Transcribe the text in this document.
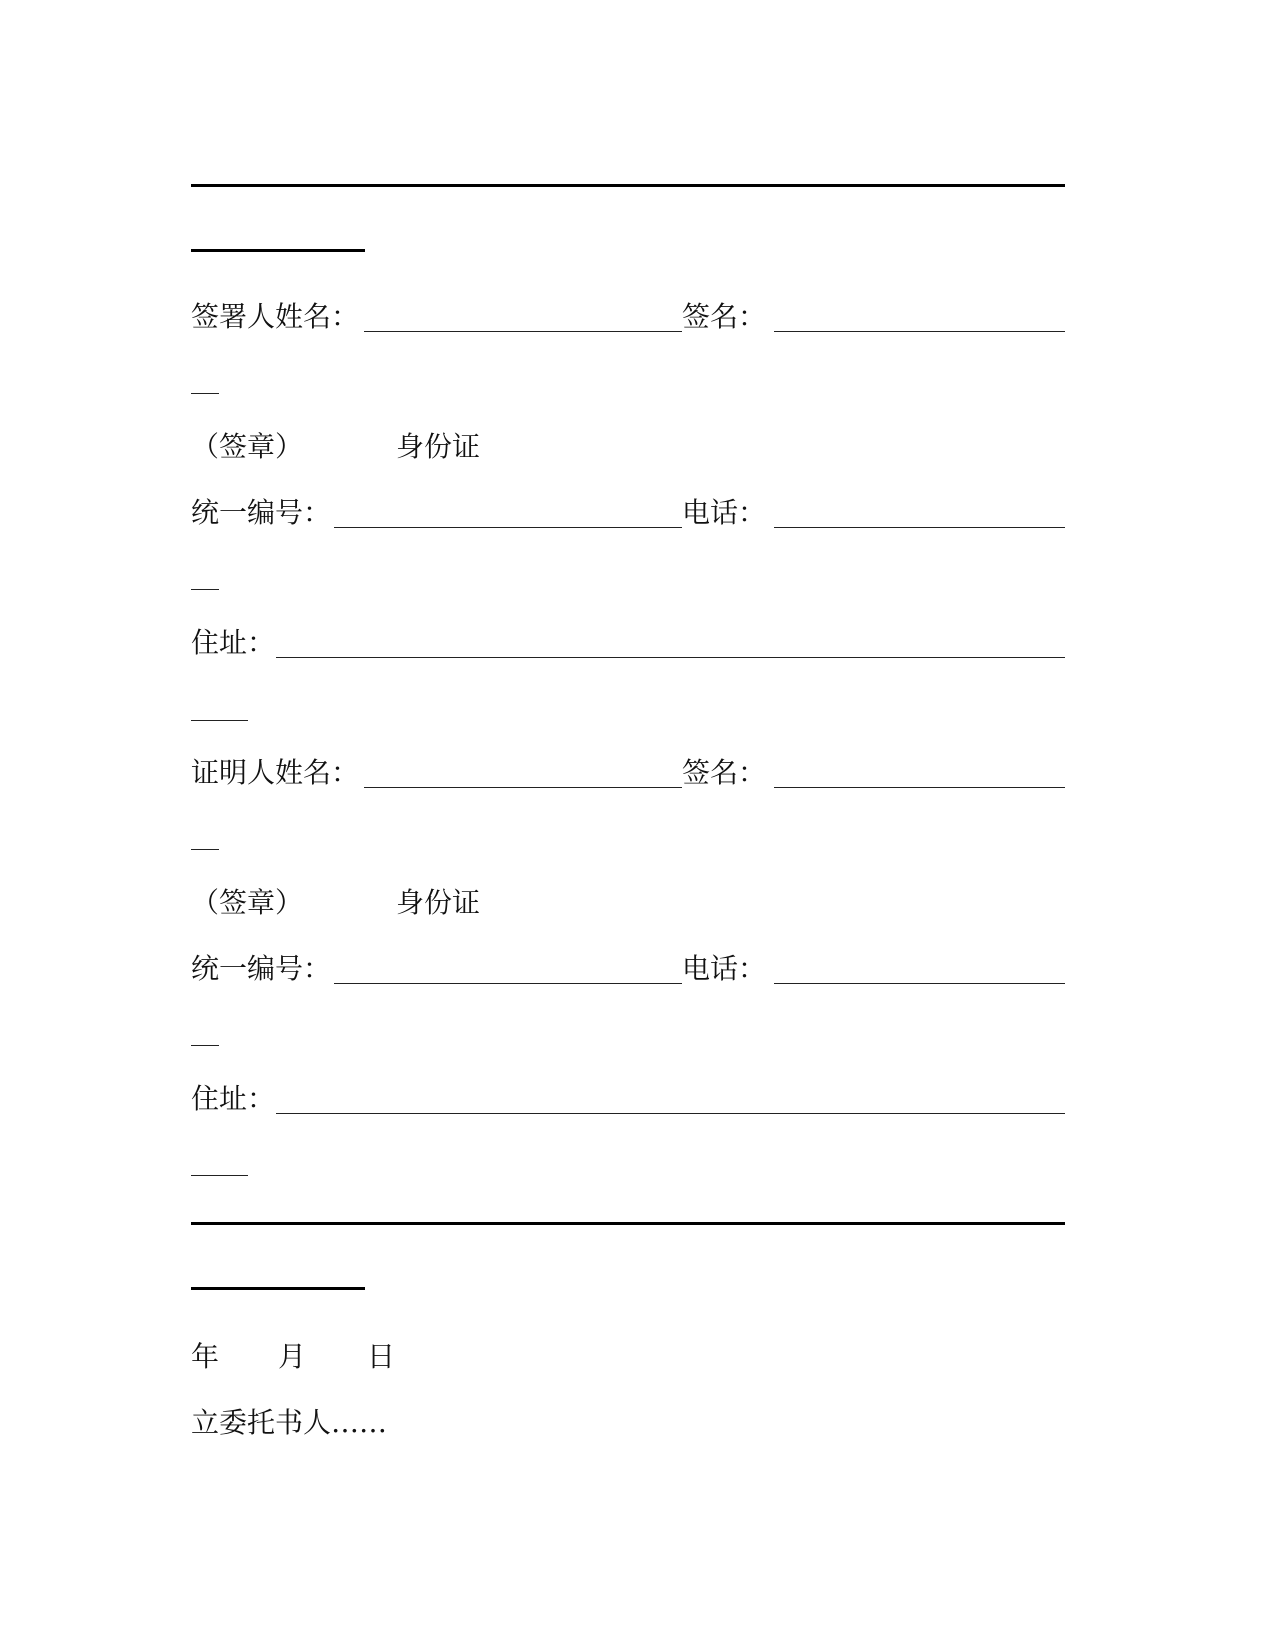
签署人姓名：	签名：
（签章）	身份证
统一编号：	电话：
住址：
证明人姓名：	签名：
（签章）	身份证
统一编号：	电话：
住址：
年 月 日
立委托书人……
